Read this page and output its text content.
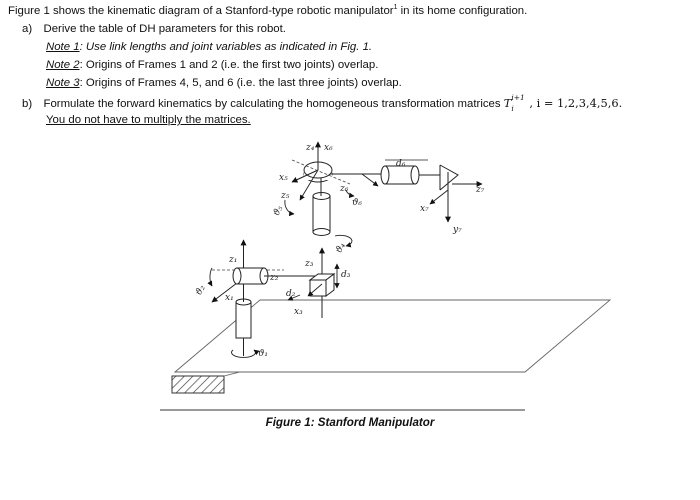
Figure 1 shows the kinematic diagram of a Stanford-type robotic manipulator$^1$ in its home configuration.
a) Derive the table of DH parameters for this robot.
Note 1: Use link lengths and joint variables as indicated in Fig. 1.
Note 2: Origins of Frames 1 and 2 (i.e. the first two joints) overlap.
Note 3: Origins of Frames 4, 5, and 6 (i.e. the last three joints) overlap.
b) Formulate the forward kinematics by calculating the homogeneous transformation matrices T i+1
i , i = 1,2,3,4,5,6.
You do not have to multiply the matrices.
z₄ x₆
x₅
z₅
z₆
d₆
z₇
x₇
y₇
z₁
x₁
z₂
d₂
x₃
z₃
d₃
ϑ₁
ϑ₂
ϑ₄
ϑ₅
ϑ₆
Figure 1: Stanford Manipulator
